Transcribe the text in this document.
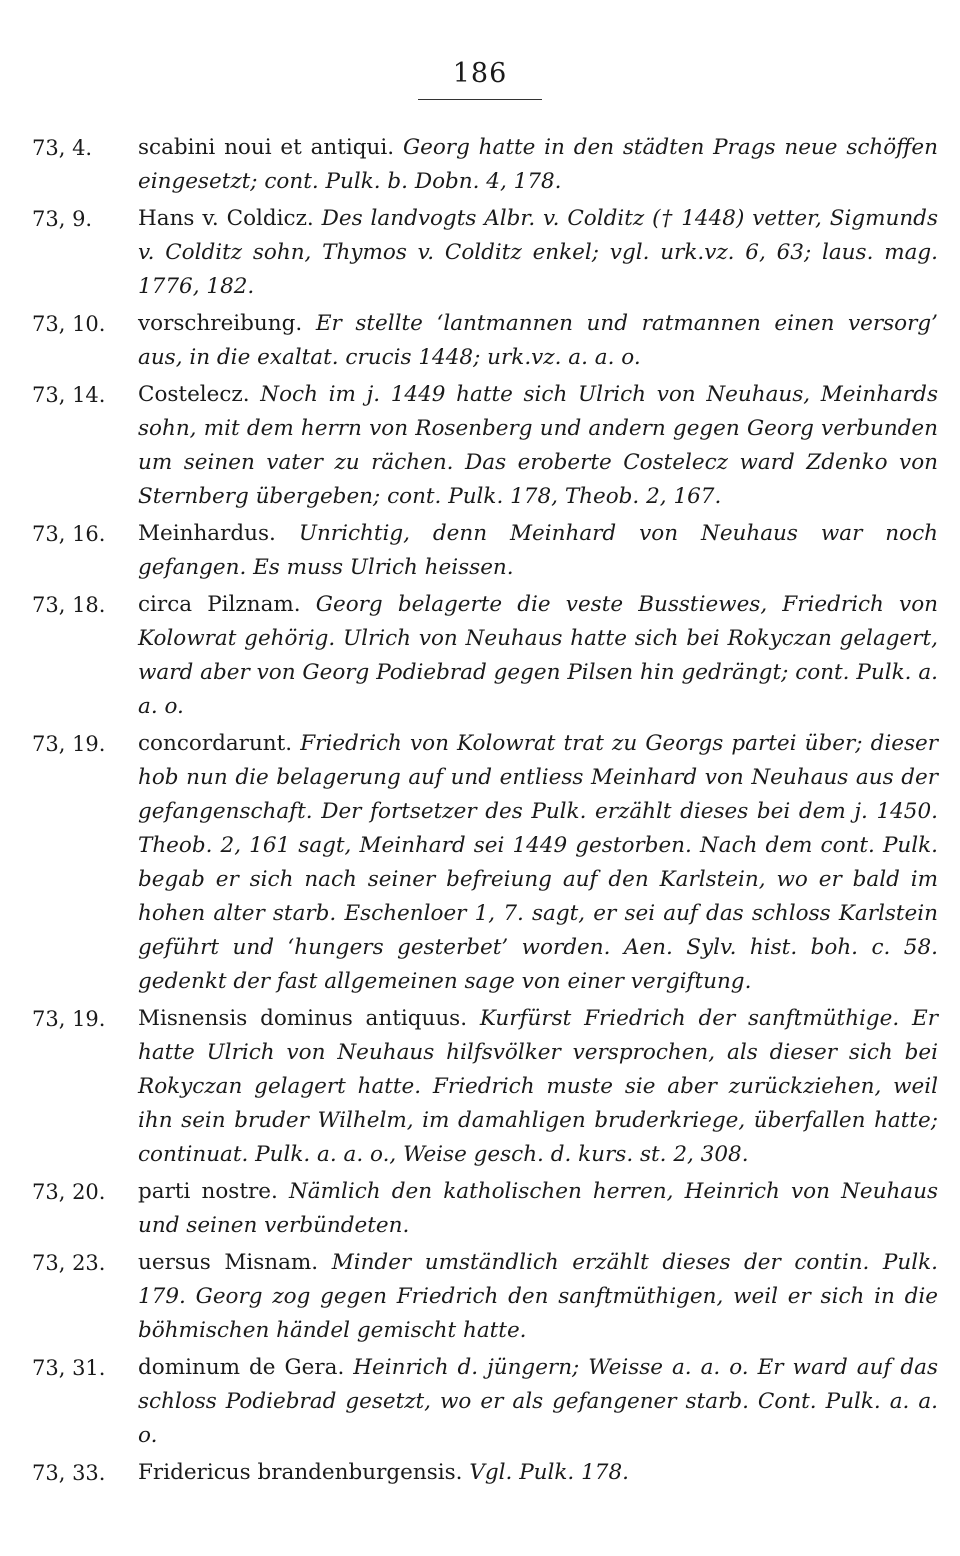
186
73, 4. scabini noui et antiqui. Georg hatte in den städten Prags neue schöffen eingesetzt; cont. Pulk. b. Dobn. 4, 178.
73, 9. Hans v. Coldicz. Des landvogts Albr. v. Colditz († 1448) vetter, Sigmunds v. Colditz sohn, Thymos v. Colditz enkel; vgl. urk.vz. 6, 63; laus. mag. 1776, 182.
73, 10. vorschreibung. Er stellte ‘lantmannen und ratmannen einen versorg’ aus, in die exaltat. crucis 1448; urk.vz. a. a. o.
73, 14. Costelecz. Noch im j. 1449 hatte sich Ulrich von Neuhaus, Meinhards sohn, mit dem herrn von Rosenberg und andern gegen Georg verbunden um seinen vater zu rächen. Das eroberte Costelecz ward Zdenko von Sternberg übergeben; cont. Pulk. 178, Theob. 2, 167.
73, 16. Meinhardus. Unrichtig, denn Meinhard von Neuhaus war noch gefangen. Es muss Ulrich heissen.
73, 18. circa Pilznam. Georg belagerte die veste Busstiewes, Friedrich von Kolowrat gehörig. Ulrich von Neuhaus hatte sich bei Rokyczan gelagert, ward aber von Georg Podiebrad gegen Pilsen hin gedrängt; cont. Pulk. a. a. o.
73, 19. concordarunt. Friedrich von Kolowrat trat zu Georgs partei über; dieser hob nun die belagerung auf und entliess Meinhard von Neuhaus aus der gefangenschaft. Der fortsetzer des Pulk. erzählt dieses bei dem j. 1450. Theob. 2, 161 sagt, Meinhard sei 1449 gestorben. Nach dem cont. Pulk. begab er sich nach seiner befreiung auf den Karlstein, wo er bald im hohen alter starb. Eschenloer 1, 7. sagt, er sei auf das schloss Karlstein geführt und ‘hungers gesterbet’ worden. Aen. Sylv. hist. boh. c. 58. gedenkt der fast allgemeinen sage von einer vergiftung.
73, 19. Misnensis dominus antiquus. Kurfürst Friedrich der sanftmüthige. Er hatte Ulrich von Neuhaus hilfsvölker versprochen, als dieser sich bei Rokyczan gelagert hatte. Friedrich muste sie aber zurückziehen, weil ihn sein bruder Wilhelm, im damahligen bruderkriege, überfallen hatte; continuat. Pulk. a. a. o., Weise gesch. d. kurs. st. 2, 308.
73, 20. parti nostre. Nämlich den katholischen herren, Heinrich von Neuhaus und seinen verbündeten.
73, 23. uersus Misnam. Minder umständlich erzählt dieses der contin. Pulk. 179. Georg zog gegen Friedrich den sanftmüthigen, weil er sich in die böhmischen händel gemischt hatte.
73, 31. dominum de Gera. Heinrich d. jüngern; Weisse a. a. o. Er ward auf das schloss Podiebrad gesetzt, wo er als gefangener starb. Cont. Pulk. a. a. o.
73, 33. Fridericus brandenburgensis. Vgl. Pulk. 178.
